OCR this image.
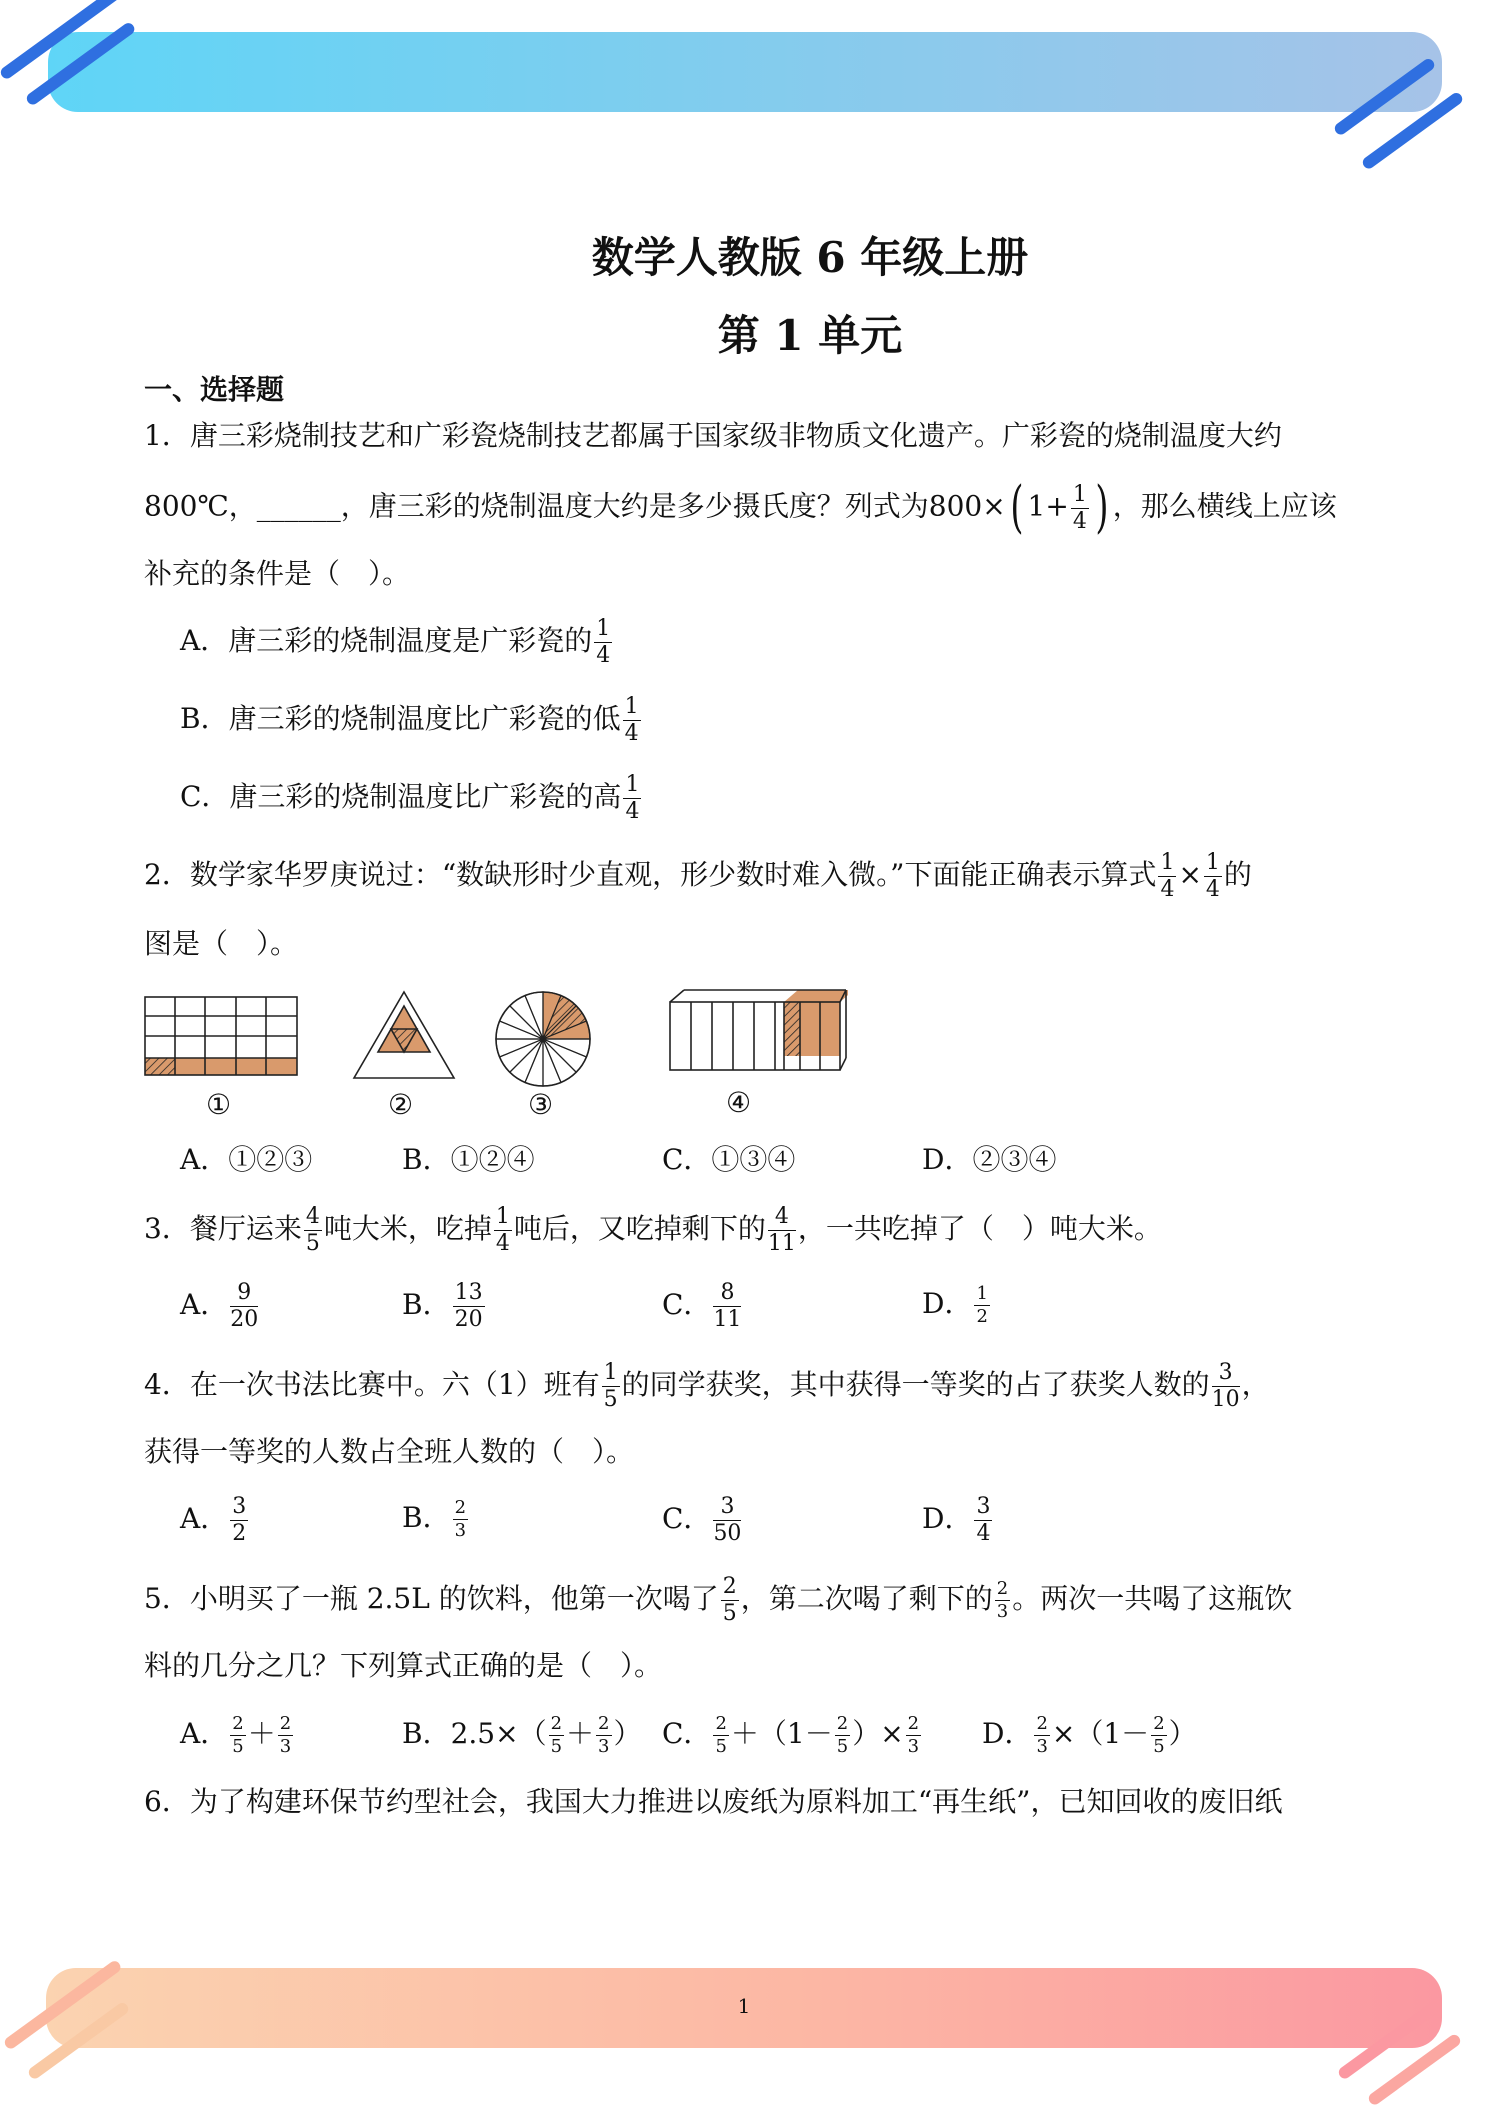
数学人教版 6 年级上册
第 1 单元
一、选择题
1．唐三彩烧制技艺和广彩瓷烧制技艺都属于国家级非物质文化遗产。广彩瓷的烧制温度大约
800℃，______，唐三彩的烧制温度大约是多少摄氏度？列式为800×( $1+ \frac{1}{4}$ ) ，那么横线上应该
补充的条件是（　）。
A．唐三彩的烧制温度是广彩瓷的 $\frac{1}{4}$
B．唐三彩的烧制温度比广彩瓷的低 $\frac{1}{4}$
C．唐三彩的烧制温度比广彩瓷的高 $\frac{1}{4}$
2．数学家华罗庚说过：“数缺形时少直观，形少数时难入微。”下面能正确表示算式 $\frac{1}{4} \times \frac{1}{4}$ 的
图是（　）。
①	②	③	④
A．①②③	B．①②④	C．①③④	D．②③④
3．餐厅运来 $\frac{4}{5}$ 吨大米，吃掉 $\frac{1}{4}$ 吨后，又吃掉剩下的 $\frac{4}{11}$ ，一共吃掉了（　）吨大米。
A． $\frac{9}{20}$	B． $\frac{13}{20}$	C． $\frac{8}{11}$	D． $\frac{1}{2}$
4．在一次书法比赛中。六（1）班有 $\frac{1}{5}$ 的同学获奖，其中获得一等奖的占了获奖人数的 $\frac{3}{10}$ ，
获得一等奖的人数占全班人数的（　）。
A． $\frac{3}{2}$	B． $\frac{2}{3}$	C． $\frac{3}{50}$	D． $\frac{3}{4}$
5．小明买了一瓶 2.5L 的饮料，他第一次喝了 $\frac{2}{5}$ ，第二次喝了剩下的 $\frac{2}{3}$ 。两次一共喝了这瓶饮
料的几分之几？下列算式正确的是（　）。
A． $\frac{2}{5} + \frac{2}{3}$	B．$2.5\times( \frac{2}{5} + \frac{2}{3}$ ） C． $\frac{2}{5} +(1- \frac{2}{5}$ ）× $\frac{2}{3}$ D． $\frac{2}{3} \times(1- \frac{2}{5}$ ）
6．为了构建环保节约型社会，我国大力推进以废纸为原料加工“再生纸”，已知回收的废旧纸
1
